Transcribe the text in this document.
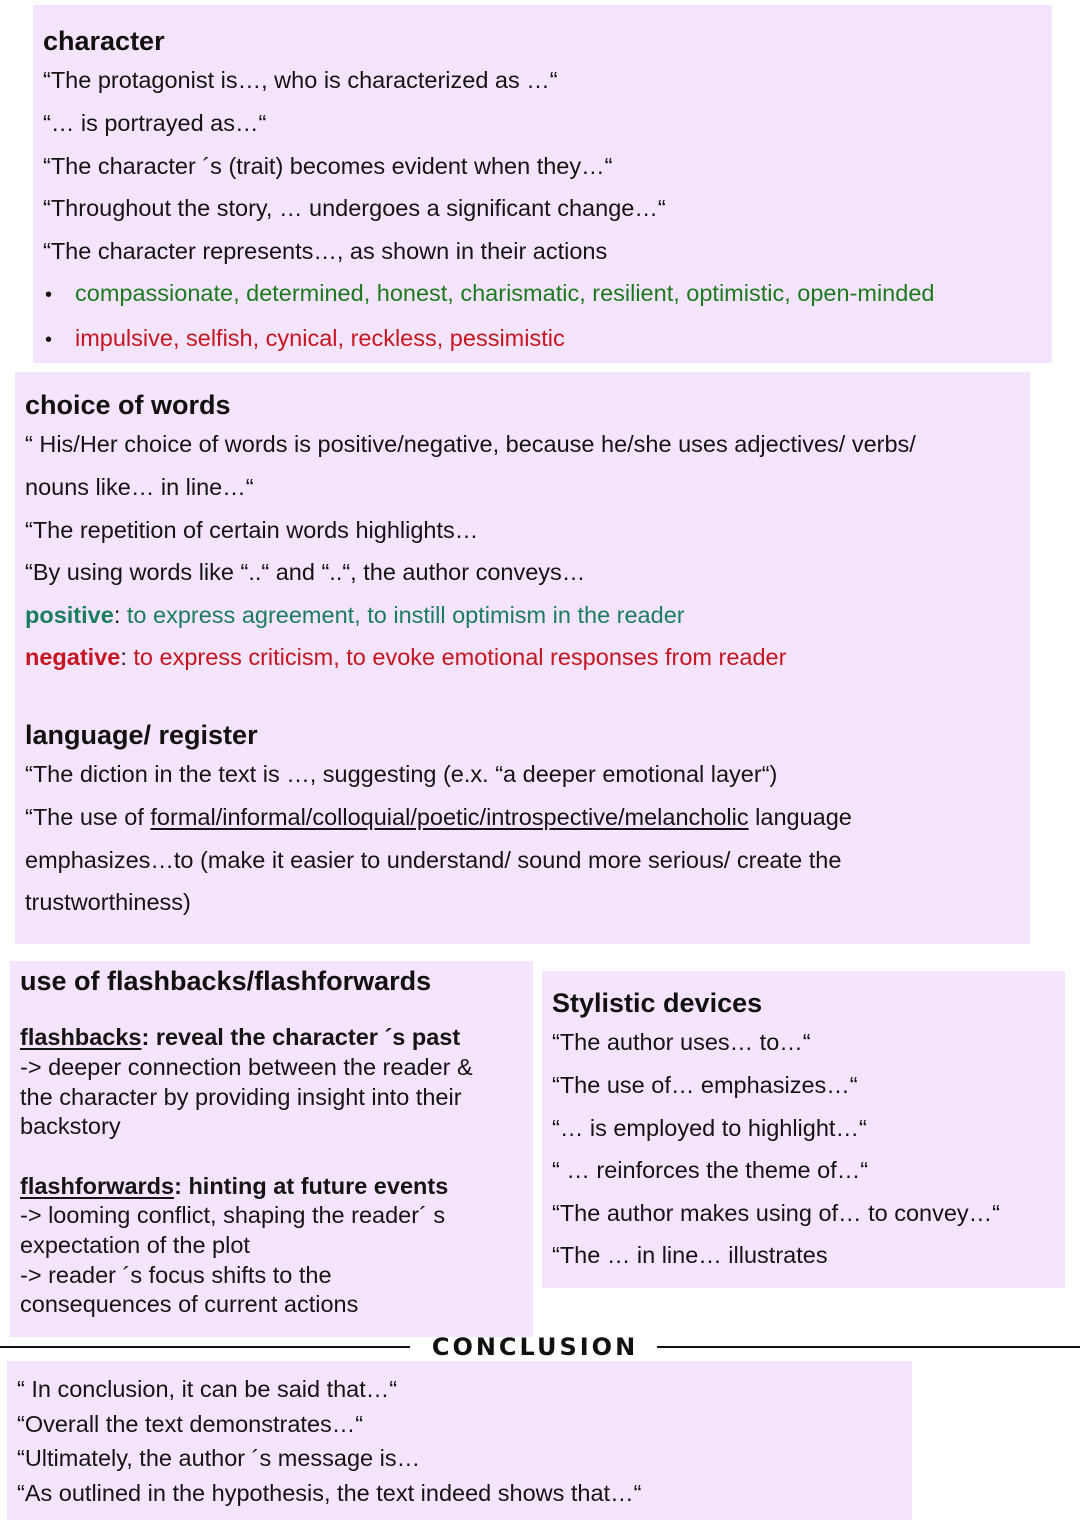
character
“The protagonist is…, who is characterized as …“
“… is portrayed as…“
“The character ´s (trait) becomes evident when they…“
“Throughout the story, … undergoes a significant change…“
“The character represents…, as shown in their actions
• compassionate, determined, honest, charismatic, resilient, optimistic, open-minded
• impulsive, selfish, cynical, reckless, pessimistic
choice of words
“ His/Her choice of words is positive/negative, because he/she uses adjectives/ verbs/
nouns like… in line…“
“The repetition of certain words highlights…
“By using words like “..“ and “..“, the author conveys…
positive: to express agreement, to instill optimism in the reader
negative: to express criticism, to evoke emotional responses from reader
language/ register
“The diction in the text is …, suggesting (e.x. “a deeper emotional layer“)
“The use of formal/informal/colloquial/poetic/introspective/melancholic language
emphasizes…to (make it easier to understand/ sound more serious/ create the
trustworthiness)
use of flashbacks/flashforwards
flashbacks: reveal the character ´s past
-> deeper connection between the reader &
the character by providing insight into their
backstory
flashforwards: hinting at future events
-> looming conflict, shaping the reader´ s
expectation of the plot
-> reader ´s focus shifts to the
consequences of current actions
Stylistic devices
“The author uses… to…“
“The use of… emphasizes…“
“… is employed to highlight…“
“ … reinforces the theme of…“
“The author makes using of… to convey…“
“The … in line… illustrates
CONCLUSION
“ In conclusion, it can be said that…“
“Overall the text demonstrates…“
“Ultimately, the author ´s message is…
“As outlined in the hypothesis, the text indeed shows that…“
